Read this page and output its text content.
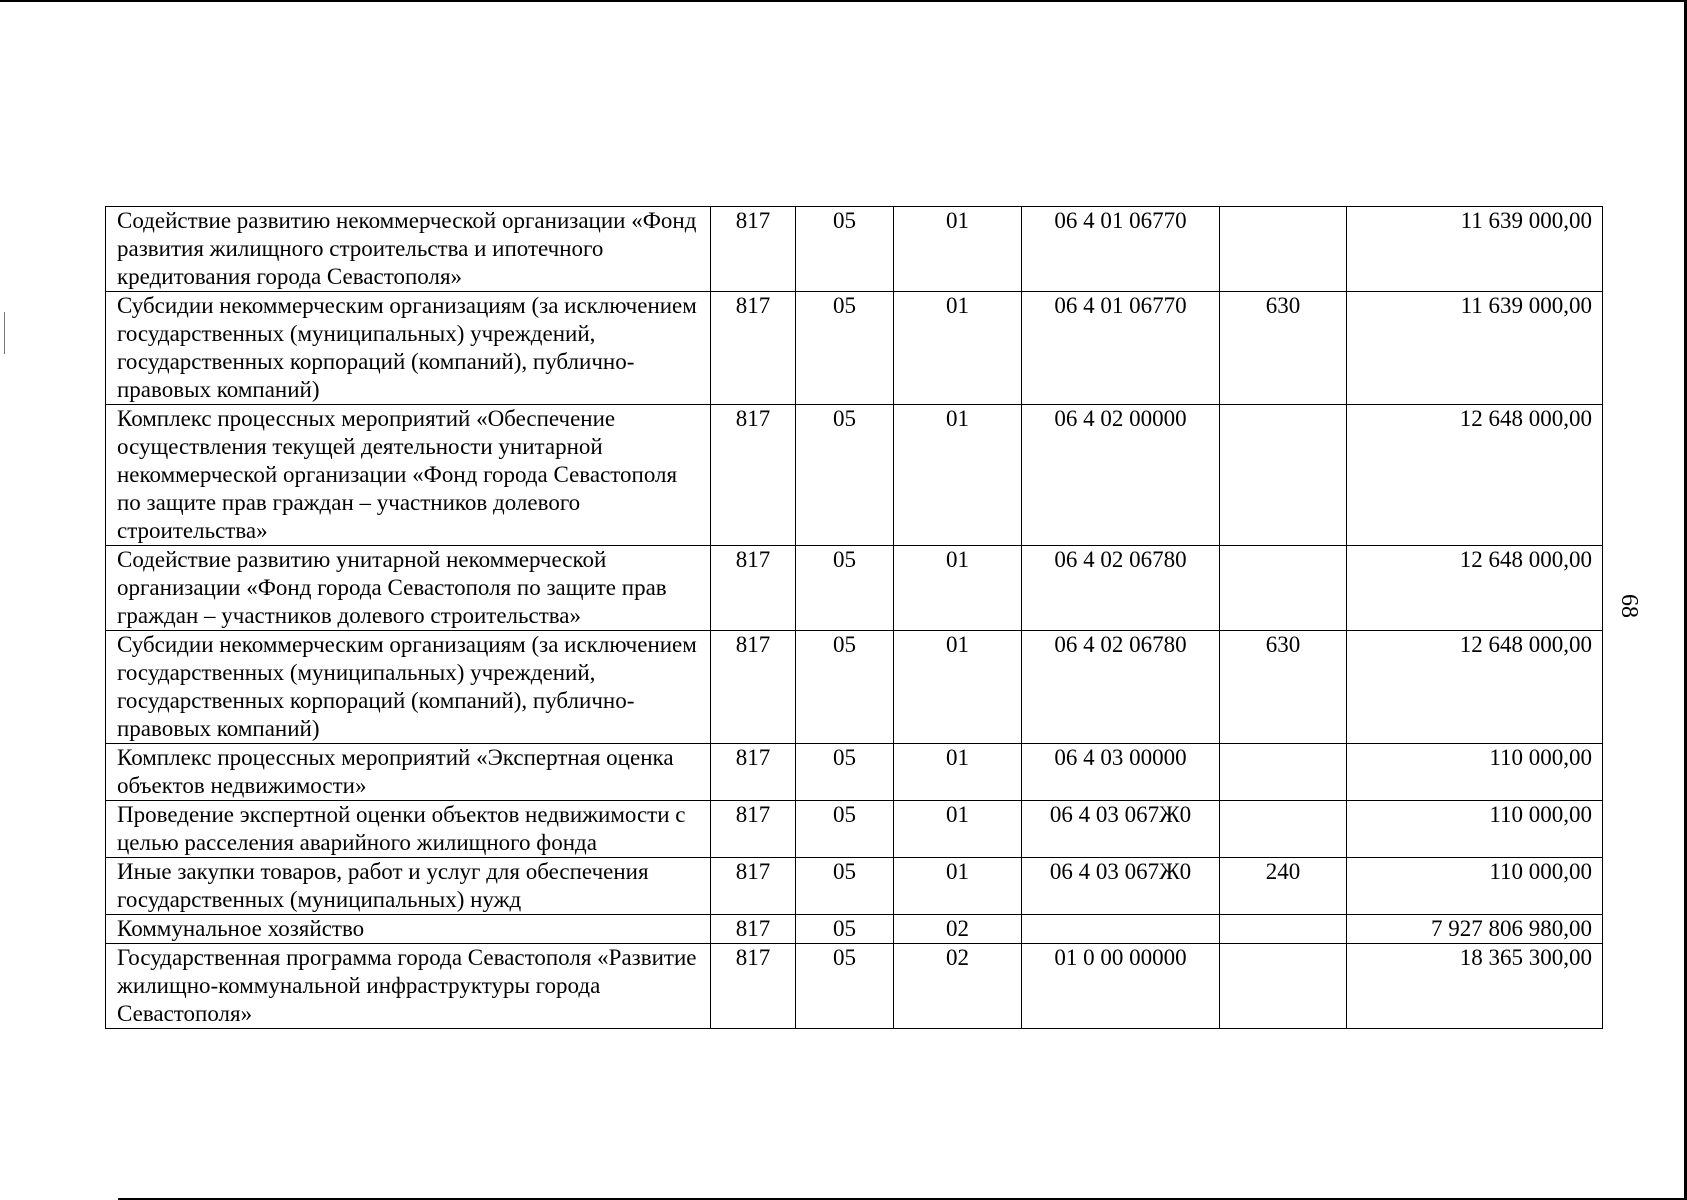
Содействие развитию некоммерческой организации «Фонд развития жилищного строительства и ипотечного кредитования города Севастополя»	817	05	01	06 4 01 06770		11 639 000,00
Субсидии некоммерческим организациям (за исключением государственных (муниципальных) учреждений, государственных корпораций (компаний), публично-правовых компаний)	817	05	01	06 4 01 06770	630	11 639 000,00
Комплекс процессных мероприятий «Обеспечение осуществления текущей деятельности унитарной некоммерческой организации «Фонд города Севастополя по защите прав граждан – участников долевого строительства»	817	05	01	06 4 02 00000		12 648 000,00
Содействие развитию унитарной некоммерческой организации «Фонд города Севастополя по защите прав граждан – участников долевого строительства»	817	05	01	06 4 02 06780		12 648 000,00
Субсидии некоммерческим организациям (за исключением государственных (муниципальных) учреждений, государственных корпораций (компаний), публично-правовых компаний)	817	05	01	06 4 02 06780	630	12 648 000,00
Комплекс процессных мероприятий «Экспертная оценка объектов недвижимости»	817	05	01	06 4 03 00000		110 000,00
Проведение экспертной оценки объектов недвижимости с целью расселения аварийного жилищного фонда	817	05	01	06 4 03 067Ж0		110 000,00
Иные закупки товаров, работ и услуг для обеспечения государственных (муниципальных) нужд	817	05	01	06 4 03 067Ж0	240	110 000,00
Коммунальное хозяйство	817	05	02			7 927 806 980,00
Государственная программа города Севастополя «Развитие жилищно-коммунальной инфраструктуры города Севастополя»	817	05	02	01 0 00 00000		18 365 300,00
68
